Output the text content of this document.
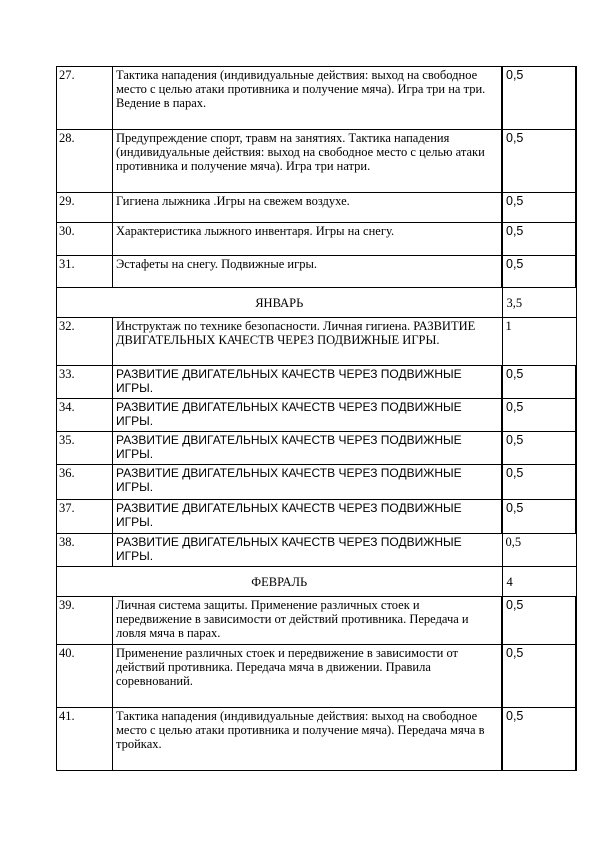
27.	Тактика нападения (индивидуальные действия: выход на свободное место с целью атаки противника и получение мяча). Игра три на три. Ведение в парах.	0,5
28.	Предупреждение спорт, травм на занятиях. Тактика нападения (индивидуальные действия: выход на свободное место с целью атаки противника и получение мяча). Игра три натри.	0,5
29.	Гигиена лыжника .Игры на свежем воздухе.	0,5
30.	Характеристика лыжного инвентаря. Игры на снегу.	0,5
31.	Эстафеты на снегу. Подвижные игры.	0,5
ЯНВАРЬ		3,5
32.	Инструктаж по технике безопасности. Личная гигиена. РАЗВИТИЕ ДВИГАТЕЛЬНЫХ КАЧЕСТВ ЧЕРЕЗ ПОДВИЖНЫЕ ИГРЫ.	1
33.	РАЗВИТИЕ ДВИГАТЕЛЬНЫХ КАЧЕСТВ ЧЕРЕЗ ПОДВИЖНЫЕ ИГРЫ.	0,5
34.	РАЗВИТИЕ ДВИГАТЕЛЬНЫХ КАЧЕСТВ ЧЕРЕЗ ПОДВИЖНЫЕ ИГРЫ.	0,5
35.	РАЗВИТИЕ ДВИГАТЕЛЬНЫХ КАЧЕСТВ ЧЕРЕЗ ПОДВИЖНЫЕ ИГРЫ.	0,5
36.	РАЗВИТИЕ ДВИГАТЕЛЬНЫХ КАЧЕСТВ ЧЕРЕЗ ПОДВИЖНЫЕ ИГРЫ.	0,5
37.	РАЗВИТИЕ ДВИГАТЕЛЬНЫХ КАЧЕСТВ ЧЕРЕЗ ПОДВИЖНЫЕ ИГРЫ.	0,5
38.	РАЗВИТИЕ ДВИГАТЕЛЬНЫХ КАЧЕСТВ ЧЕРЕЗ ПОДВИЖНЫЕ ИГРЫ.	0,5
ФЕВРАЛЬ		4
39.	Личная система защиты. Применение различных стоек и передвижение в зависимости от действий противника. Передача и ловля мяча в парах.	0,5
40.	Применение различных стоек и передвижение в зависимости от действий противника. Передача мяча в движении. Правила соревнований.	0,5
41.	Тактика нападения (индивидуальные действия: выход на свободное место с целью атаки противника и получение мяча). Передача мяча в тройках.	0,5
